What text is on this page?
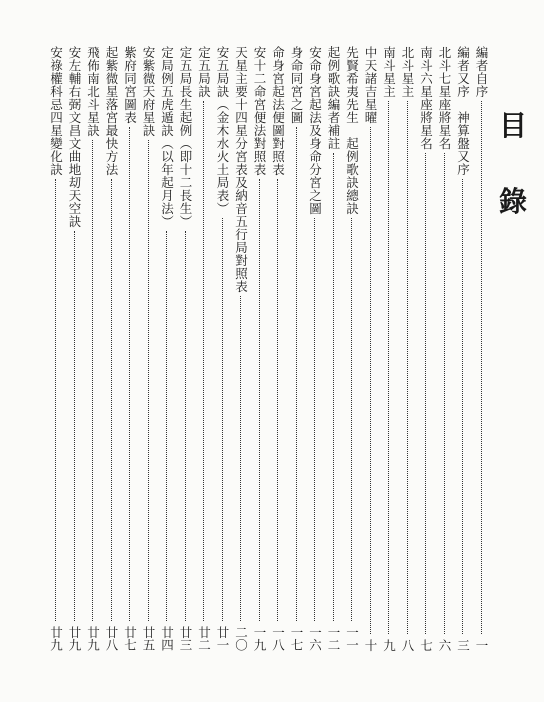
目
錄
編者自序
一
編者又序　神算盤又序
三
北斗七星座將星名
六
南斗六星座將星名
七
北斗星主
八
南斗星主
九
中天諸吉星曜
十
先賢希夷先生　起例歌訣總訣
一一
起例歌訣編者補註
一二
安命身宮起法及身命分宮之圖
一六
身命同宮之圖
一七
命身宮起法便圖對照表
一八
安十二命宮便法對照表
一九
天星主要十四星分宮表及納音五行局對照表
二〇
安五局訣（金木水火土局表）
廿一
定五局訣
廿二
定五局長生起例（即十二長生）
廿三
定局例五虎遁訣（以年起月法）
廿四
安紫微天府星訣
廿五
紫府同宮圖表
廿七
起紫微星落宮最快方法
廿八
飛佈南北斗星訣
廿九
安左輔右弼文昌文曲地刧天空訣
廿九
安祿權科忌四星變化訣
廿九
